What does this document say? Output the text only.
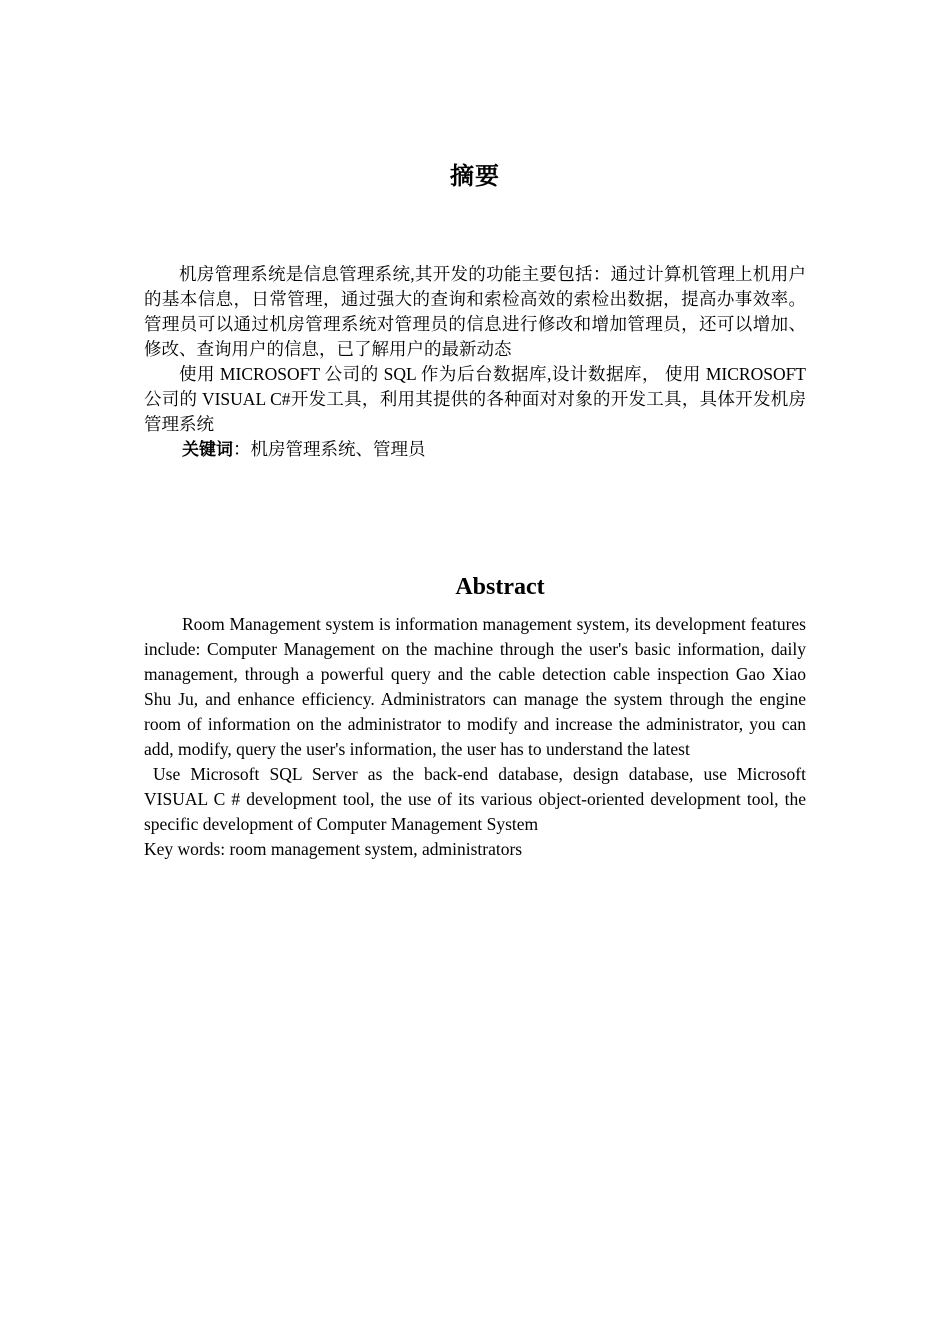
摘要

机房管理系统是信息管理系统,其开发的功能主要包括：通过计算机管理上机用户的基本信息，日常管理，通过强大的查询和索检高效的索检出数据，提高办事效率。管理员可以通过机房管理系统对管理员的信息进行修改和增加管理员，还可以增加、修改、查询用户的信息，已了解用户的最新动态

使用 MICROSOFT 公司的 SQL 作为后台数据库,设计数据库， 使用 MICROSOFT 公司的 VISUAL C#开发工具，利用其提供的各种面对对象的开发工具，具体开发机房管理系统

关键词：机房管理系统、管理员

Abstract

Room Management system is information management system, its development features include: Computer Management on the machine through the user's basic information, daily management, through a powerful query and the cable detection cable inspection Gao Xiao Shu Ju, and enhance efficiency. Administrators can manage the system through the engine room of information on the administrator to modify and increase the administrator, you can add, modify, query the user's information, the user has to understand the latest

Use Microsoft SQL Server as the back-end database, design database, use Microsoft VISUAL C # development tool, the use of its various object-oriented development tool, the specific development of Computer Management System

Key words: room management system, administrators
